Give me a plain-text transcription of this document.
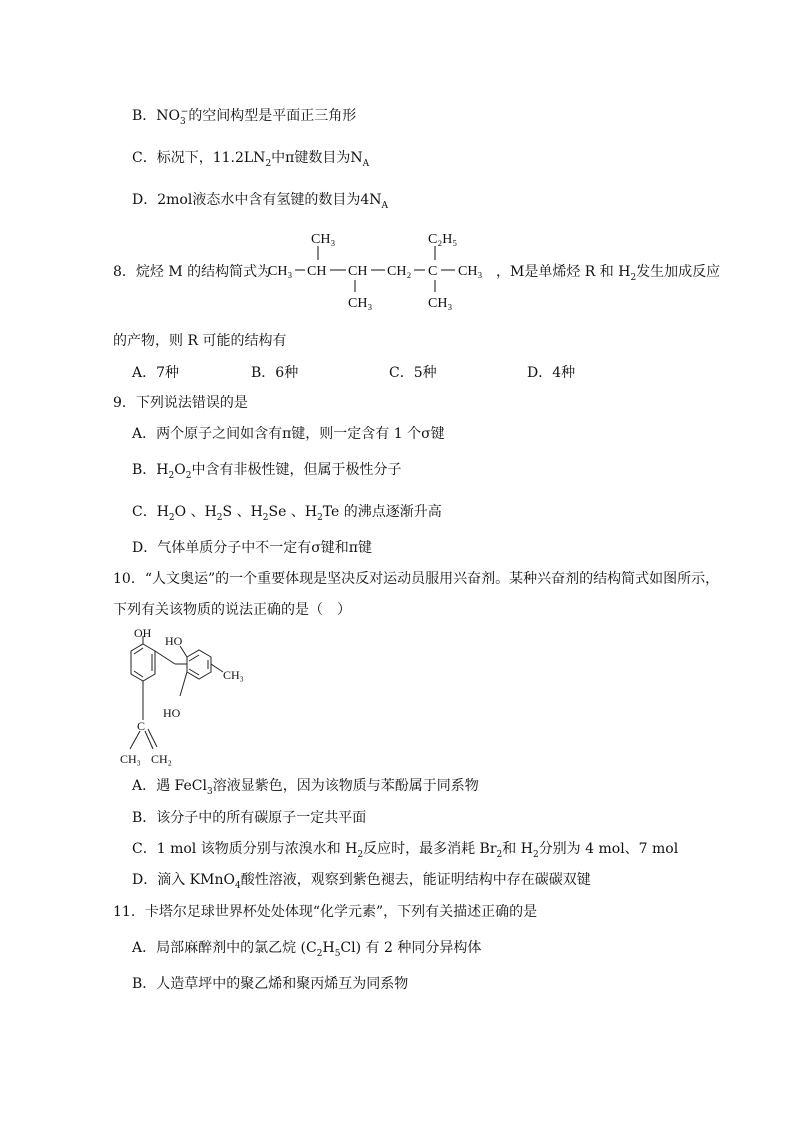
B．$NO_3^-$的空间构型是平面正三角形
C．标况下，$11.2LN_2$中π键数目为$N_A$
D．2mol液态水中含有氢键的数目为$4N_A$
8．烷烃 M 的结构简式为
CH₃ CH CH CH₂ C CH₃
CH₃	C₂H₅
CH₃	CH₃
，M是单烯烃 R 和 $H_2$发生加成反应
的产物，则 R 可能的结构有
A．7种	B．6种	C．5种	D．4种
9．下列说法错误的是
A．两个原子之间如含有π键，则一定含有 1 个σ键
B．$H_2O_2$中含有非极性键，但属于极性分子
C．$H_2O$ 、$H_2S$ 、$H_2Se$ 、$H_2Te$ 的沸点逐渐升高
D．气体单质分子中不一定有σ键和π键
10．“人文奥运”的一个重要体现是坚决反对运动员服用兴奋剂。某种兴奋剂的结构简式如图所示，
下列有关该物质的说法正确的是（　）
OH
HO
CH₃
HO
C
CH₃ CH₂
A．遇 FeCl$_3$溶液显紫色，因为该物质与苯酚属于同系物
B．该分子中的所有碳原子一定共平面
C．1 mol 该物质分别与浓溴水和 $H_2$反应时，最多消耗 $Br_2$和 $H_2$分别为 4 mol、7 mol
D．滴入 KMnO$_4$酸性溶液，观察到紫色褪去，能证明结构中存在碳碳双键
11．卡塔尔足球世界杯处处体现“化学元素”，下列有关描述正确的是
A．局部麻醉剂中的氯乙烷 $(C_2H_5Cl)$ 有 2 种同分异构体
B．人造草坪中的聚乙烯和聚丙烯互为同系物
